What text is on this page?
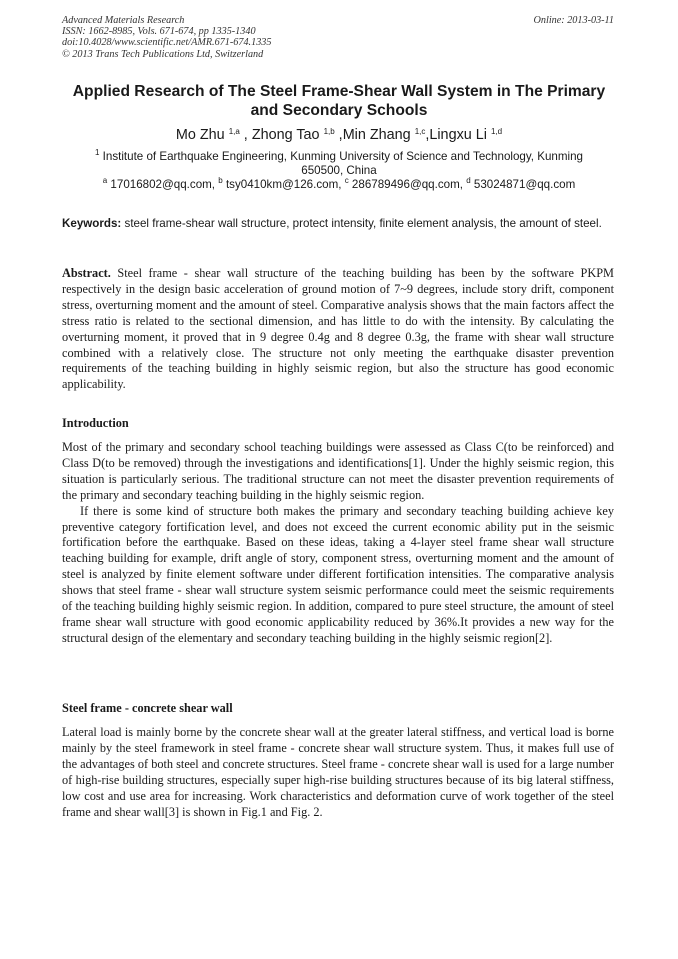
Advanced Materials Research
ISSN: 1662-8985, Vols. 671-674, pp 1335-1340
doi:10.4028/www.scientific.net/AMR.671-674.1335
© 2013 Trans Tech Publications Ltd, Switzerland
Online: 2013-03-11
Applied Research of The Steel Frame-Shear Wall System in The Primary
and Secondary Schools
Mo Zhu $^{1,a}$ , Zhong Tao $^{1,b}$ ,Min Zhang $^{1,c}$,Lingxu Li $^{1,d}$
$^1$ Institute of Earthquake Engineering, Kunming University of Science and Technology, Kunming
650500, China
$^a$ 17016802@qq.com, $^b$ tsy0410km@126.com, $^c$ 286789496@qq.com, $^d$ 53024871@qq.com
Keywords: steel frame-shear wall structure, protect intensity, finite element analysis, the amount of steel.
Abstract. Steel frame - shear wall structure of the teaching building has been by the software PKPM respectively in the design basic acceleration of ground motion of 7~9 degrees, include story drift, component stress, overturning moment and the amount of steel. Comparative analysis shows that the main factors affect the stress ratio is related to the sectional dimension, and has little to do with the intensity. By calculating the overturning moment, it proved that in 9 degree 0.4g and 8 degree 0.3g, the frame with shear wall structure combined with a relatively close. The structure not only meeting the earthquake disaster prevention requirements of the teaching building in highly seismic region, but also the structure has good economic applicability.
Introduction

Most of the primary and secondary school teaching buildings were assessed as Class C(to be reinforced) and Class D(to be removed) through the investigations and identifications[1]. Under the highly seismic region, this situation is particularly serious. The traditional structure can not meet the disaster prevention requirements of the primary and secondary teaching building in the highly seismic region.

If there is some kind of structure both makes the primary and secondary teaching building achieve key preventive category fortification level, and does not exceed the current economic ability put in the seismic fortification before the earthquake. Based on these ideas, taking a 4-layer steel frame shear wall structure teaching building for example, drift angle of story, component stress, overturning moment and the amount of steel is analyzed by finite element software under different fortification intensities. The comparative analysis shows that steel frame - shear wall structure system seismic performance could meet the seismic requirements of the teaching building highly seismic region. In addition, compared to pure steel structure, the amount of steel frame shear wall structure with good economic applicability reduced by 36%.It provides a new way for the structural design of the elementary and secondary teaching building in the highly seismic region[2].

Steel frame - concrete shear wall

Lateral load is mainly borne by the concrete shear wall at the greater lateral stiffness, and vertical load is borne mainly by the steel framework in steel frame - concrete shear wall structure system. Thus, it makes full use of the advantages of both steel and concrete structures. Steel frame - concrete shear wall is used for a large number of high-rise building structures, especially super high-rise building structures because of its big lateral stiffness, low cost and use area for increasing. Work characteristics and deformation curve of work together of the steel frame and shear wall[3] is shown in Fig.1 and Fig. 2.
